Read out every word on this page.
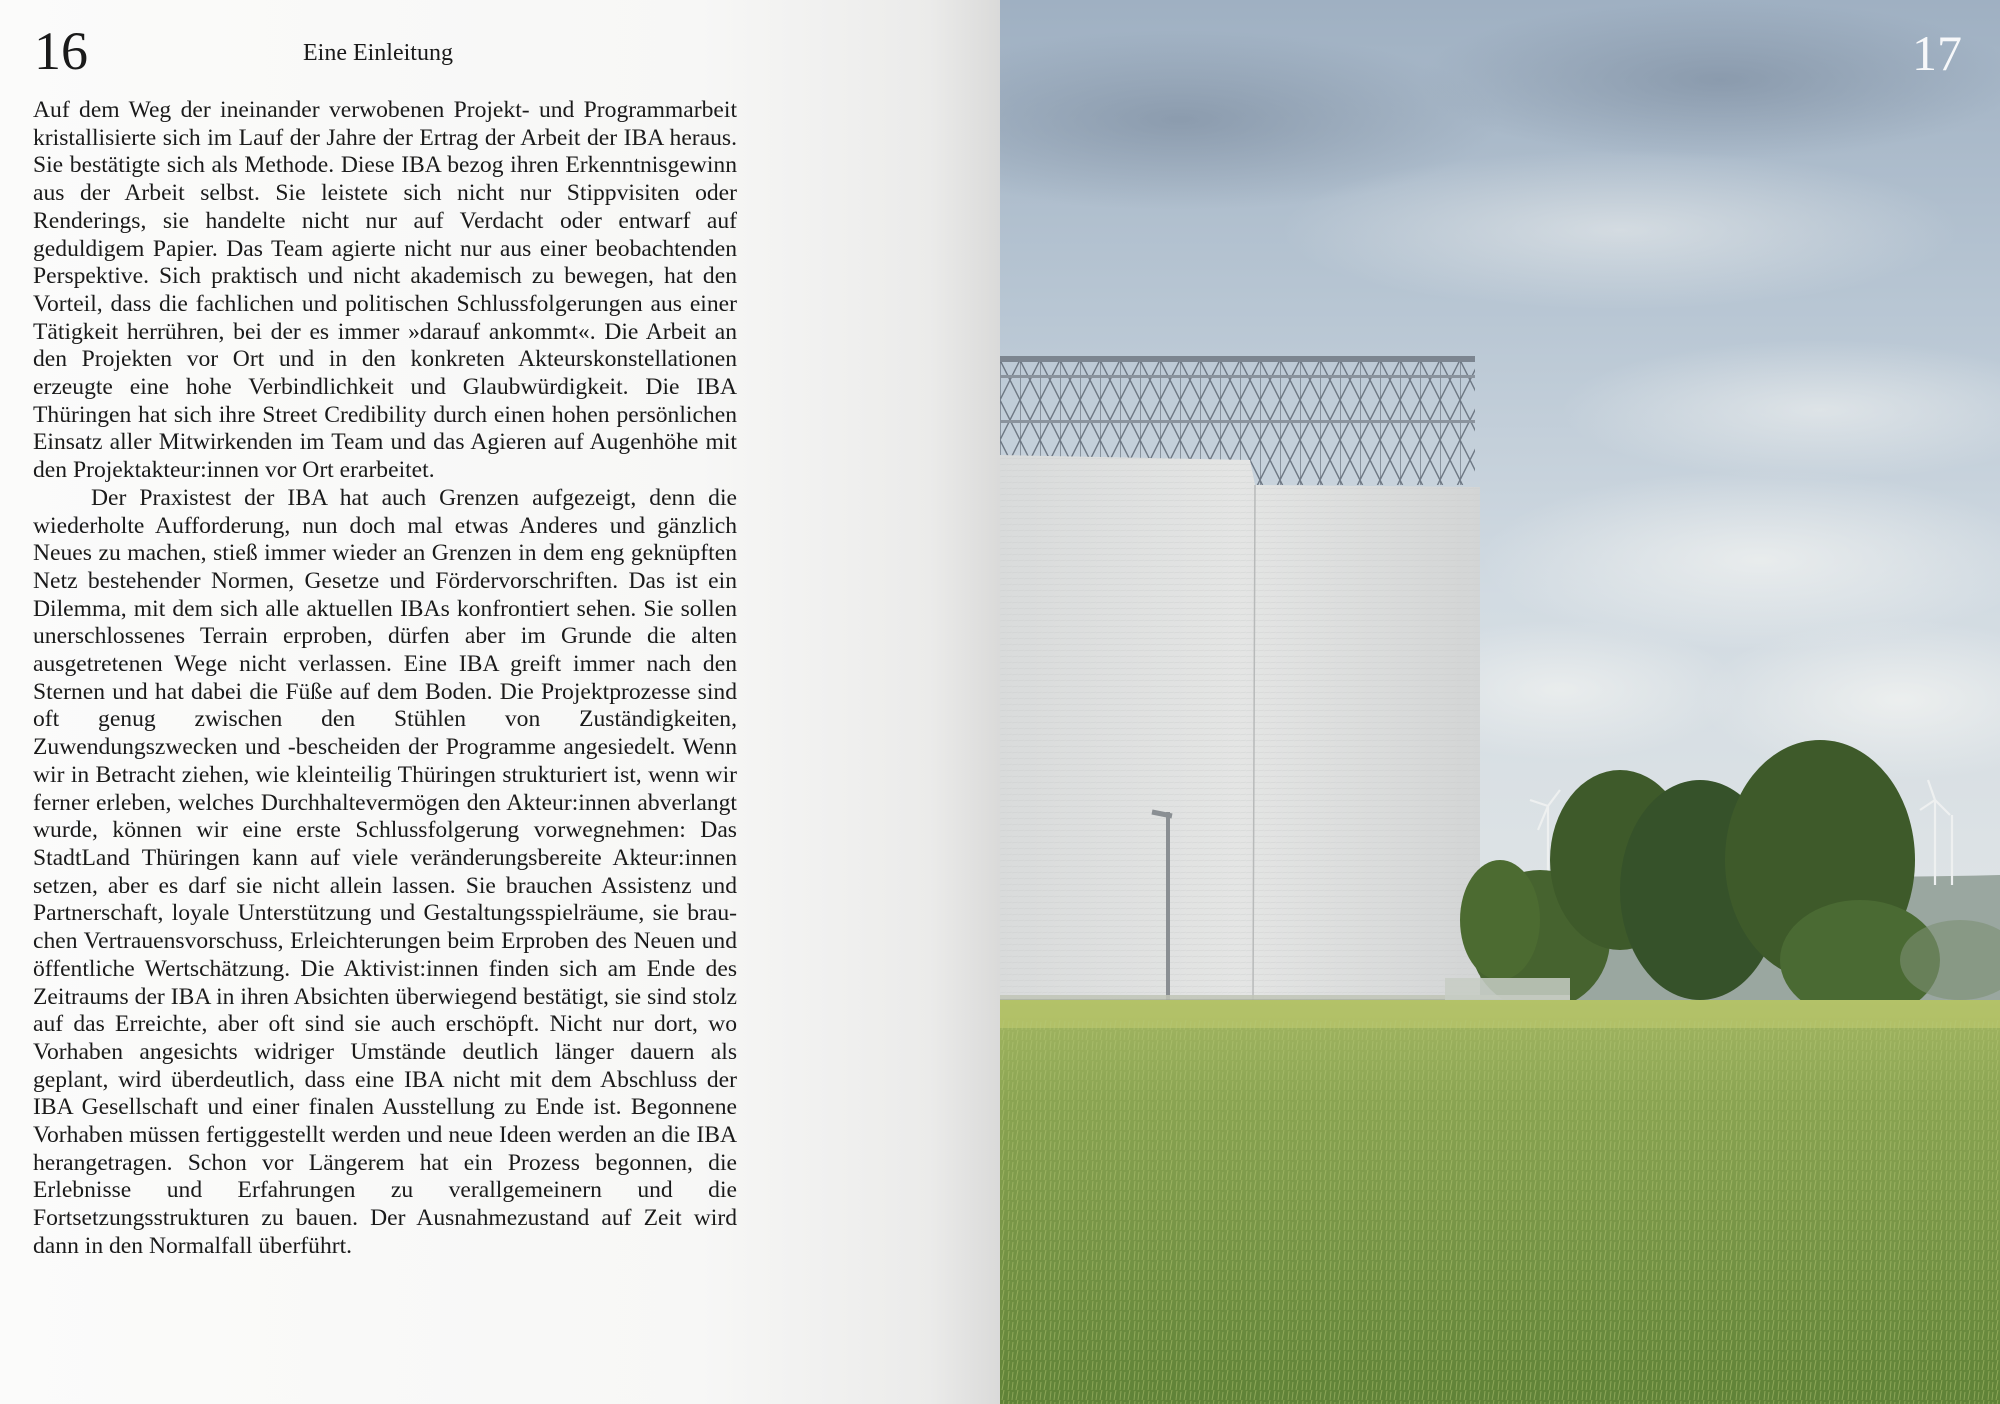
16	Eine Einleitung

Auf dem Weg der ineinander verwobenen Projekt- und Programmarbeit kristallisierte sich im Lauf der Jahre der Ertrag der Arbeit der IBA heraus. Sie bestätigte sich als Methode. Diese IBA bezog ihren Erkenntnisgewinn aus der Arbeit selbst. Sie leistete sich nicht nur Stippvisiten oder Renderings, sie handelte nicht nur auf Verdacht oder entwarf auf geduldigem Papier. Das Team agierte nicht nur aus einer beobachtenden Perspektive. Sich praktisch und nicht akademisch zu bewegen, hat den Vorteil, dass die fachlichen und politischen Schlussfolgerungen aus einer Tätigkeit herrühren, bei der es immer »darauf ankommt«. Die Arbeit an den Projekten vor Ort und in den konkreten Akteurskonstellationen erzeugte eine hohe Verbindlichkeit und Glaubwürdigkeit. Die IBA Thüringen hat sich ihre Street Credibility durch einen hohen persönlichen Einsatz aller Mitwirkenden im Team und das Agieren auf Augenhöhe mit den Projektakteur:innen vor Ort erarbeitet.

Der Praxistest der IBA hat auch Grenzen aufgezeigt, denn die wiederholte Aufforderung, nun doch mal etwas Anderes und gänzlich Neues zu machen, stieß immer wieder an Grenzen in dem eng geknüpften Netz bestehender Normen, Gesetze und Fördervorschriften. Das ist ein Dilemma, mit dem sich alle aktuellen IBAs konfrontiert sehen. Sie sollen unerschlossenes Terrain erproben, dürfen aber im Grunde die alten ausgetretenen Wege nicht verlassen. Eine IBA greift immer nach den Sternen und hat dabei die Füße auf dem Boden. Die Projektprozesse sind oft genug zwischen den Stühlen von Zuständigkeiten, Zuwendungszwecken und -bescheiden der Programme angesiedelt. Wenn wir in Betracht ziehen, wie kleinteilig Thüringen strukturiert ist, wenn wir ferner erleben, welches Durchhaltevermögen den Akteur:innen abverlangt wurde, können wir eine erste Schlussfolgerung vorwegnehmen: Das StadtLand Thüringen kann auf viele veränderungsbereite Akteur:innen setzen, aber es darf sie nicht allein lassen. Sie brauchen Assistenz und Partnerschaft, loyale Unterstützung und Gestaltungsspielräume, sie brauchen Vertrauensvorschuss, Erleichterungen beim Erproben des Neuen und öffentliche Wertschätzung. Die Aktivist:innen finden sich am Ende des Zeitraums der IBA in ihren Absichten überwiegend bestätigt, sie sind stolz auf das Erreichte, aber oft sind sie auch erschöpft. Nicht nur dort, wo Vorhaben angesichts widriger Umstände deutlich länger dauern als geplant, wird überdeutlich, dass eine IBA nicht mit dem Abschluss der IBA Gesellschaft und einer finalen Ausstellung zu Ende ist. Begonnene Vorhaben müssen fertiggestellt werden und neue Ideen werden an die IBA herangetragen. Schon vor Längerem hat ein Prozess begonnen, die Erlebnisse und Erfahrungen zu verallgemeinern und die Fortsetzungsstrukturen zu bauen. Der Ausnahmezustand auf Zeit wird dann in den Normalfall überführt.

17
